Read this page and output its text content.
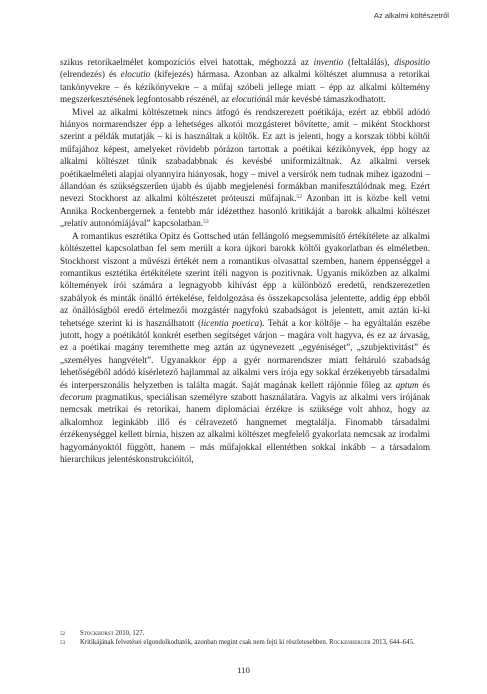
Az alkalmi költészetről

szikus retorikaelmélet kompozíciós elvei hatottak, méghozzá az inventio (feltalálás), dispositio (elrendezés) és elocutio (kifejezés) hármasa. Azonban az alkalmi költészet alumnusa a retorikai tankönyvekre – és kézikönyvekre – a műfaj szóbeli jellege miatt – épp az alkalmi költemény megszerkesztésének legfontosabb részénél, az elocutiónál már kevésbé támaszkodhatott.

Mivel az alkalmi költészetnek nincs átfogó és rendszerezett poétikája, ezért az ebből adódó hiányos normarendszer épp a lehetséges alkotói mozgásteret bővítette, amit – miként Stockhorst szerint a példák mutatják – ki is használtak a költők. Ez azt is jelenti, hogy a korszak többi költői műfajához képest, amelyeket rövidebb pórázon tartottak a poétikai kézikönyvek, épp hogy az alkalmi költészet tűnik szabadabbnak és kevésbé uniformizáltnak. Az alkalmi versek poétikaelméleti alapjai olyannyira hiányosak, hogy – mivel a versírók nem tudnak mihez igazodni – állandóan és szükségszerűen újabb és újabb megjelenési formákban manifesztálódnak meg. Ezért nevezi Stockhorst az alkalmi költészetet próteuszi műfajnak.$^{52}$ Azonban itt is közbe kell vetni Annika Rockenbergernek a fentebb már idézetthez hasonló kritikáját a barokk alkalmi költészet „relatív autonómiájával” kapcsolatban.$^{53}$

A romantikus esztétika Opitz és Gottsched után fellángoló megsemmisítő értékítélete az alkalmi költészettel kapcsolatban fel sem merült a kora újkori barokk költői gyakorlatban és elméletben. Stockhorst viszont a művészi értékét nem a romantikus olvasattal szemben, hanem éppenséggel a romantikus esztétika értékítélete szerint ítéli nagyon is pozitívnak. Ugyanis miközben az alkalmi költemények írói számára a legnagyobb kihívást épp a különböző eredetű, rendszerezetlen szabályok és minták önálló értékelése, feldolgozása és összekapcsolása jelentette, addig épp ebből az önállóságból eredő értelmezői mozgástér nagyfokú szabadságot is jelentett, amit aztán ki-ki tehetsége szerint ki is használhatott (licentia poetica). Tehát a kor költője – ha egyáltalán eszébe jutott, hogy a poétikától konkrét esetben segítséget várjon – magára volt hagyva, és ez az árvaság, ez a poétikai magány teremthette meg aztán az úgynevezett „egyéniséget”, „szubjektivitást” és „személyes hangvételt”. Ugyanakkor épp a gyér normarendszer miatt feltáruló szabadság lehetőségéből adódó kísérletező hajlammal az alkalmi vers írója egy sokkal érzékenyebb társadalmi és interperszonális helyzetben is találta magát. Saját magának kellett rájönnie főleg az aptum és decorum pragmatikus, speciálisan személyre szabott használatára. Vagyis az alkalmi vers írójának nemcsak metrikai és retorikai, hanem diplomáciai érzékre is szüksége volt ahhoz, hogy az alkalomhoz leginkább illő és célravezető hangnemet megtalálja. Finomabb társadalmi érzékenységgel kellett bírnia, hiszen az alkalmi költészet megfelelő gyakorlata nemcsak az irodalmi hagyományoktól függött, hanem – más műfajokkal ellentétben sokkal inkább – a társadalom hierarchikus jelentéskonstrukcióitól,

52 Stockhorst 2010, 127.
53 Kritikájának felvetései elgondolkodtatók, azonban megint csak nem fejti ki részletesebben. Rockenberger 2013, 644–645.
110
